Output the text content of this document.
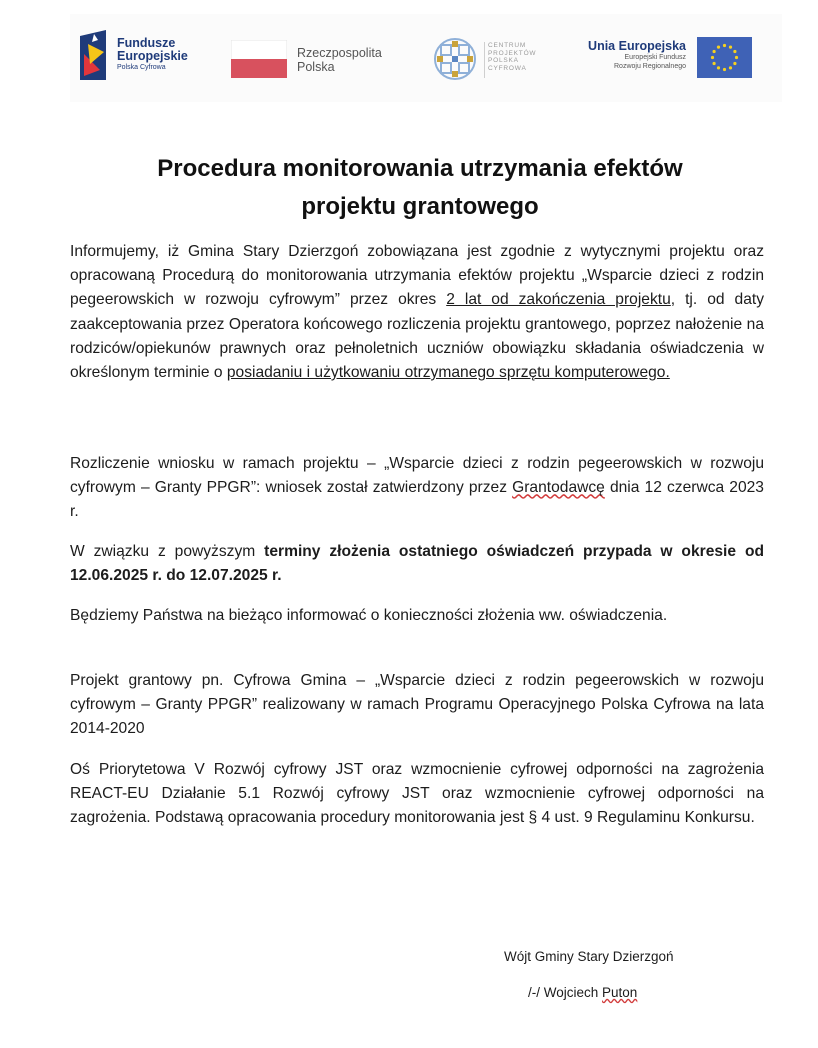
Fundusze
Europejskie
Polska Cyfrowa
Rzeczpospolita
Polska
CENTRUM
PROJEKTÓW
POLSKA
CYFROWA
Unia Europejska
Europejski Fundusz
Rozwoju Regionalnego
Procedura monitorowania utrzymania efektów
projektu grantowego

Informujemy, iż Gmina Stary Dzierzgoń zobowiązana jest zgodnie z wytycznymi projektu oraz opracowaną Procedurą do monitorowania utrzymania efektów projektu „Wsparcie dzieci z rodzin pegeerowskich w rozwoju cyfrowym” przez okres 2 lat od zakończenia projektu, tj. od daty zaakceptowania przez Operatora końcowego rozliczenia projektu grantowego, poprzez nałożenie na rodziców/opiekunów prawnych oraz pełnoletnich uczniów obowiązku składania oświadczenia w określonym terminie o posiadaniu i użytkowaniu otrzymanego sprzętu komputerowego.

Rozliczenie wniosku w ramach projektu – „Wsparcie dzieci z rodzin pegeerowskich w rozwoju cyfrowym – Granty PPGR”: wniosek został zatwierdzony przez Grantodawcę dnia 12 czerwca 2023 r.

W związku z powyższym terminy złożenia ostatniego oświadczeń przypada w okresie od 12.06.2025 r. do 12.07.2025 r.

Będziemy Państwa na bieżąco informować o konieczności złożenia ww. oświadczenia.

Projekt grantowy pn. Cyfrowa Gmina – „Wsparcie dzieci z rodzin pegeerowskich w rozwoju cyfrowym – Granty PPGR” realizowany w ramach Programu Operacyjnego Polska Cyfrowa na lata 2014-2020

Oś Priorytetowa V Rozwój cyfrowy JST oraz wzmocnienie cyfrowej odporności na zagrożenia REACT-EU Działanie 5.1 Rozwój cyfrowy JST oraz wzmocnienie cyfrowej odporności na zagrożenia. Podstawą opracowania procedury monitorowania jest § 4 ust. 9 Regulaminu Konkursu.

Wójt Gminy Stary Dzierzgoń
/-/ Wojciech Puton
